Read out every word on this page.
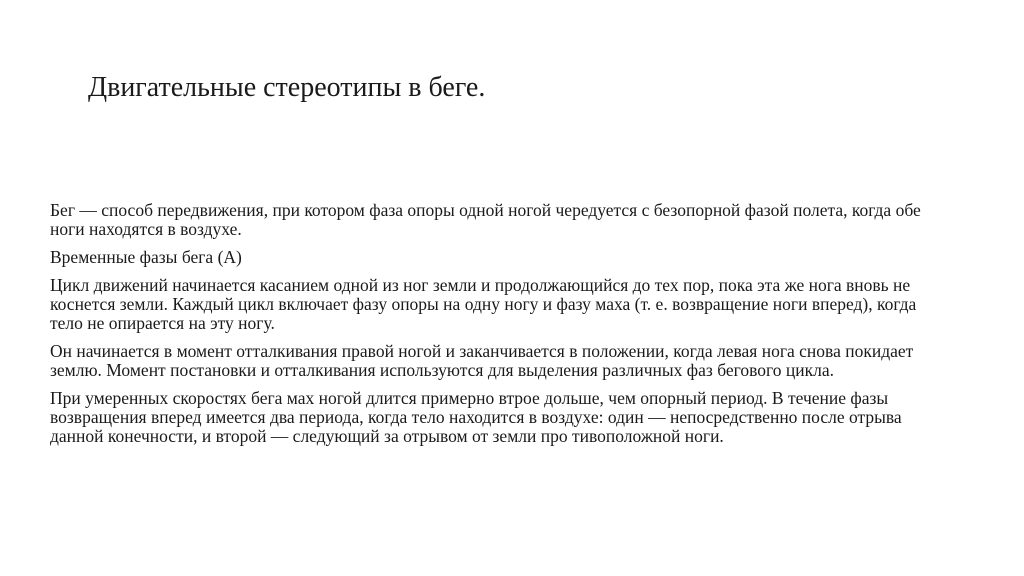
Двигательные стереотипы в беге.

Бег — способ передвижения, при котором фаза опоры одной ногой чередуется с безопорной фазой полета, когда обе ноги находятся в воздухе.

Временные фазы бега (А)

Цикл движений начинается касанием одной из ног земли и продолжающийся до тех пор, пока эта же нога вновь не коснется земли. Каждый цикл включает фазу опоры на одну ногу и фазу маха (т. е. возвращение ноги вперед), когда тело не опирается на эту ногу.

Он начинается в момент отталкивания правой ногой и заканчивается в положении, когда левая нога снова покидает землю. Момент постановки и отталкивания используются для выделения различных фаз бегового цикла.

При умеренных скоростях бега мах ногой длится примерно втрое дольше, чем опорный период. В течение фазы возвращения вперед имеется два периода, когда тело находится в воздухе: один — непосредственно после отрыва данной конечности, и второй — следующий за отрывом от земли про тивоположной ноги.
